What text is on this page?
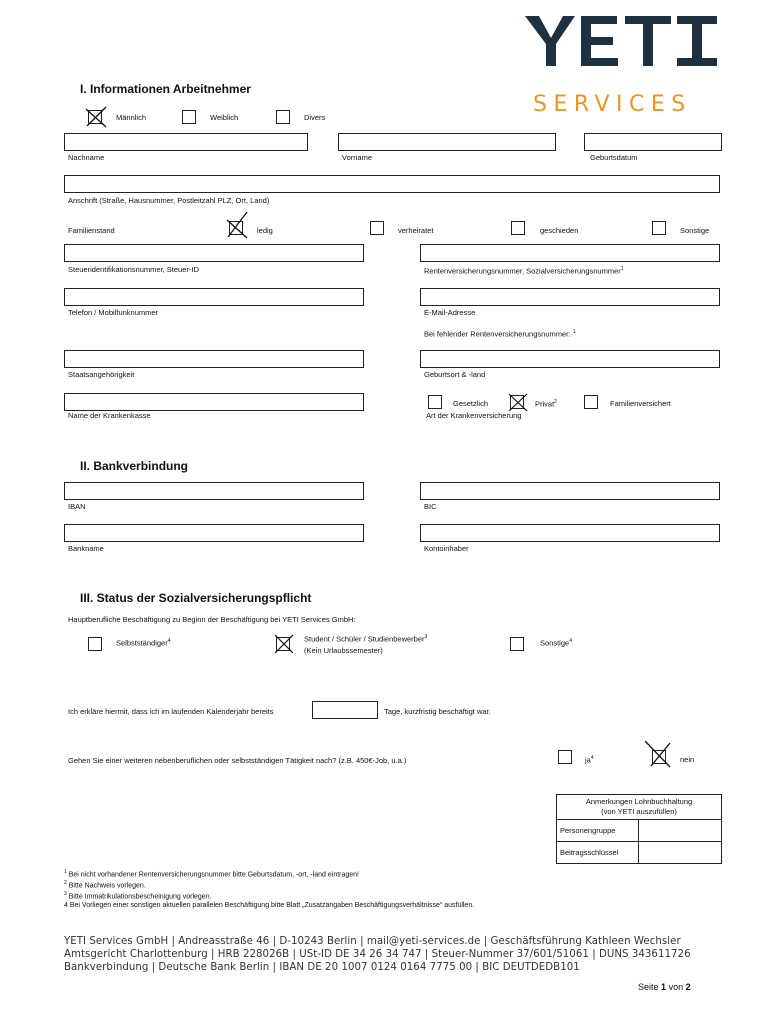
SERVICES
I. Informationen Arbeitnehmer
Männlich	Weiblich	Divers
Nachname	Vorname	Geburtsdatum
Anschrift (Straße, Hausnummer, Postleitzahl PLZ, Ort, Land)
Familienstand	ledig	verheiratet	geschieden	Sonstige
Steueridentifikationsnummer, Steuer-ID	Rentenversicherungsnummer, Sozialversicherungsnummer$^1$
Telefon / Mobilfunknummer	E-Mail-Adresse
Bei fehlender Rentenversicherungsnummer: $^1$
Staatsangehörigkeit	Geburtsort & -land
Name der Krankenkasse
Gesetzlich	Privat$^2$	Familienversichert
Art der Krankenversicherung
II. Bankverbindung
IBAN	BIC
Bankname	Kontoinhaber
III. Status der Sozialversicherungspflicht
Hauptberufliche Beschäftigung zu Beginn der Beschäftigung bei YETI Services GmbH:
Selbstständiger$^4$	Student / Schüler / Studienbewerber$^3$
(Kein Urlaubssemester)
Sonstige$^4$
Ich erkläre hiermit, dass ich im laufenden Kalenderjahr bereits	Tage, kurzfristig beschäftigt war.
Gehen Sie einer weiteren nebenberuflichen oder selbstständigen Tätigkeit nach? (z.B. 450€-Job, u.a.)	$ja^4$	nein
Anmerkungen Lohnbuchhaltung
(von YETI auszufüllen)	

Personengruppe	
Beitragsschlüssel	
$^1$ Bei nicht vorhandener Rentenversicherungsnummer bitte Geburtsdatum, -ort, -land eintragen!
$^2$ Bitte Nachweis vorlegen.
$^3$ Bitte Immatrikulationsbescheinigung vorlegen.
4 Bei Vorliegen einer sonstigen aktuellen parallelen Beschäftigung bitte Blatt „Zusatzangaben Beschäftigungsverhältnisse“ ausfüllen.
YETI Services GmbH | Andreasstraße 46 | D-10243 Berlin | mail@yeti-services.de | Geschäftsführung Kathleen Wechsler
Amtsgericht Charlottenburg | HRB 228026B | USt-ID DE 34 26 34 747 | Steuer-Nummer 37/601/51061 | DUNS 343611726
Bankverbindung | Deutsche Bank Berlin | IBAN DE 20 1007 0124 0164 7775 00 | BIC DEUTDEDB101
Seite 1 von 2
